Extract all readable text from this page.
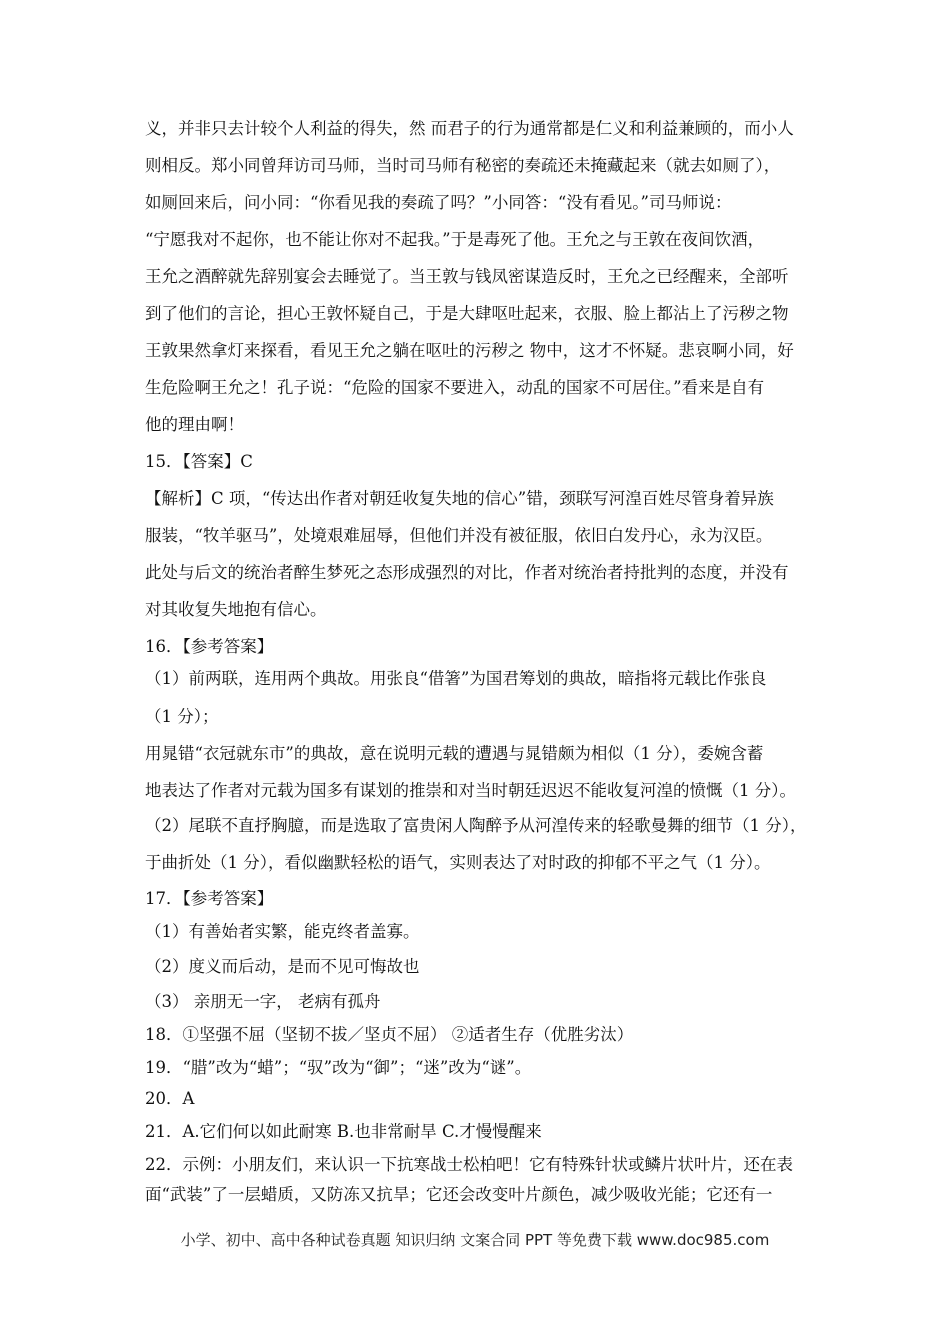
义，并非只去计较个人利益的得失，然 而君子的行为通常都是仁义和利益兼顾的，而小人
则相反。郑小同曾拜访司马师，当时司马师有秘密的奏疏还未掩藏起来（就去如厕了），
如厕回来后，问小同：“你看见我的奏疏了吗？”小同答：“没有看见。”司马师说：
“宁愿我对不起你，也不能让你对不起我。”于是毒死了他。王允之与王敦在夜间饮酒，
王允之酒醉就先辞别宴会去睡觉了。当王敦与钱凤密谋造反时，王允之已经醒来，全部听
到了他们的言论，担心王敦怀疑自己，于是大肆呕吐起来，衣服、脸上都沾上了污秽之物
王敦果然拿灯来探看，看见王允之躺在呕吐的污秽之 物中，这才不怀疑。悲哀啊小同，好
生危险啊王允之！孔子说：“危险的国家不要进入，动乱的国家不可居住。”看来是自有
他的理由啊！
15．【答案】C
【解析】C 项，“传达出作者对朝廷收复失地的信心”错，颈联写河湟百姓尽管身着异族
服装，“牧羊驱马”，处境艰难屈辱，但他们并没有被征服，依旧白发丹心，永为汉臣。
此处与后文的统治者醉生梦死之态形成强烈的对比，作者对统治者持批判的态度，并没有
对其收复失地抱有信心。
16．【参考答案】
（1）前两联，连用两个典故。用张良“借箸”为国君筹划的典故，暗指将元载比作张良
（1 分）；
用晁错“衣冠就东市”的典故，意在说明元载的遭遇与晁错颇为相似（1 分），委婉含蓄
地表达了作者对元载为国多有谋划的推崇和对当时朝廷迟迟不能收复河湟的愤慨（1 分）。
（2）尾联不直抒胸臆，而是选取了富贵闲人陶醉予从河湟传来的轻歌曼舞的细节（1 分），
于曲折处（1 分），看似幽默轻松的语气，实则表达了对时政的抑郁不平之气（1 分）。
17．【参考答案】
（1）有善始者实繁，能克终者盖寡。
（2）度义而后动，是而不见可悔故也
（3） 亲朋无一字， 老病有孤舟
18．①坚强不屈（坚韧不拔／坚贞不屈） ②适者生存（优胜劣汰）
19．“腊”改为“蜡”；“驭”改为“御”；“迷”改为“谜”。
20．A
21．A.它们何以如此耐寒 B.也非常耐旱 C.才慢慢醒来
22．示例：小朋友们，来认识一下抗寒战士松柏吧！它有特殊针状或鳞片状叶片，还在表
面“武装”了一层蜡质，又防冻又抗旱；它还会改变叶片颜色，减少吸收光能；它还有一
小学、初中、高中各种试卷真题 知识归纳 文案合同 PPT 等免费下载 www.doc985.com
